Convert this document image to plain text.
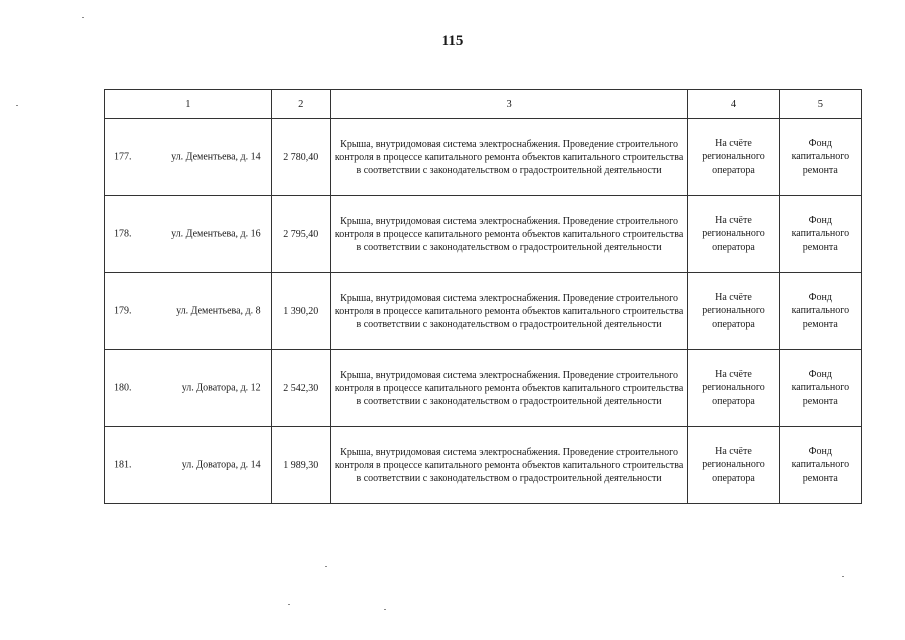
115
1	2	3	4	5

177. ул. Дементьева, д. 14	2 780,40	Крыша, внутридомовая система электроснабжения. Проведение строительного контроля в процессе капитального ремонта объектов капитального строительства в соответствии с законодательством о градостроительной деятельности	На счёте регионального оператора	Фонд капитального ремонта

178. ул. Дементьева, д. 16	2 795,40	Крыша, внутридомовая система электроснабжения. Проведение строительного контроля в процессе капитального ремонта объектов капитального строительства в соответствии с законодательством о градостроительной деятельности	На счёте регионального оператора	Фонд капитального ремонта

179. ул. Дементьева, д. 8	1 390,20	Крыша, внутридомовая система электроснабжения. Проведение строительного контроля в процессе капитального ремонта объектов капитального строительства в соответствии с законодательством о градостроительной деятельности	На счёте регионального оператора	Фонд капитального ремонта

180. ул. Доватора, д. 12	2 542,30	Крыша, внутридомовая система электроснабжения. Проведение строительного контроля в процессе капитального ремонта объектов капитального строительства в соответствии с законодательством о градостроительной деятельности	На счёте регионального оператора	Фонд капитального ремонта

181. ул. Доватора, д. 14	1 989,30	Крыша, внутридомовая система электроснабжения. Проведение строительного контроля в процессе капитального ремонта объектов капитального строительства в соответствии с законодательством о градостроительной деятельности	На счёте регионального оператора	Фонд капитального ремонта
